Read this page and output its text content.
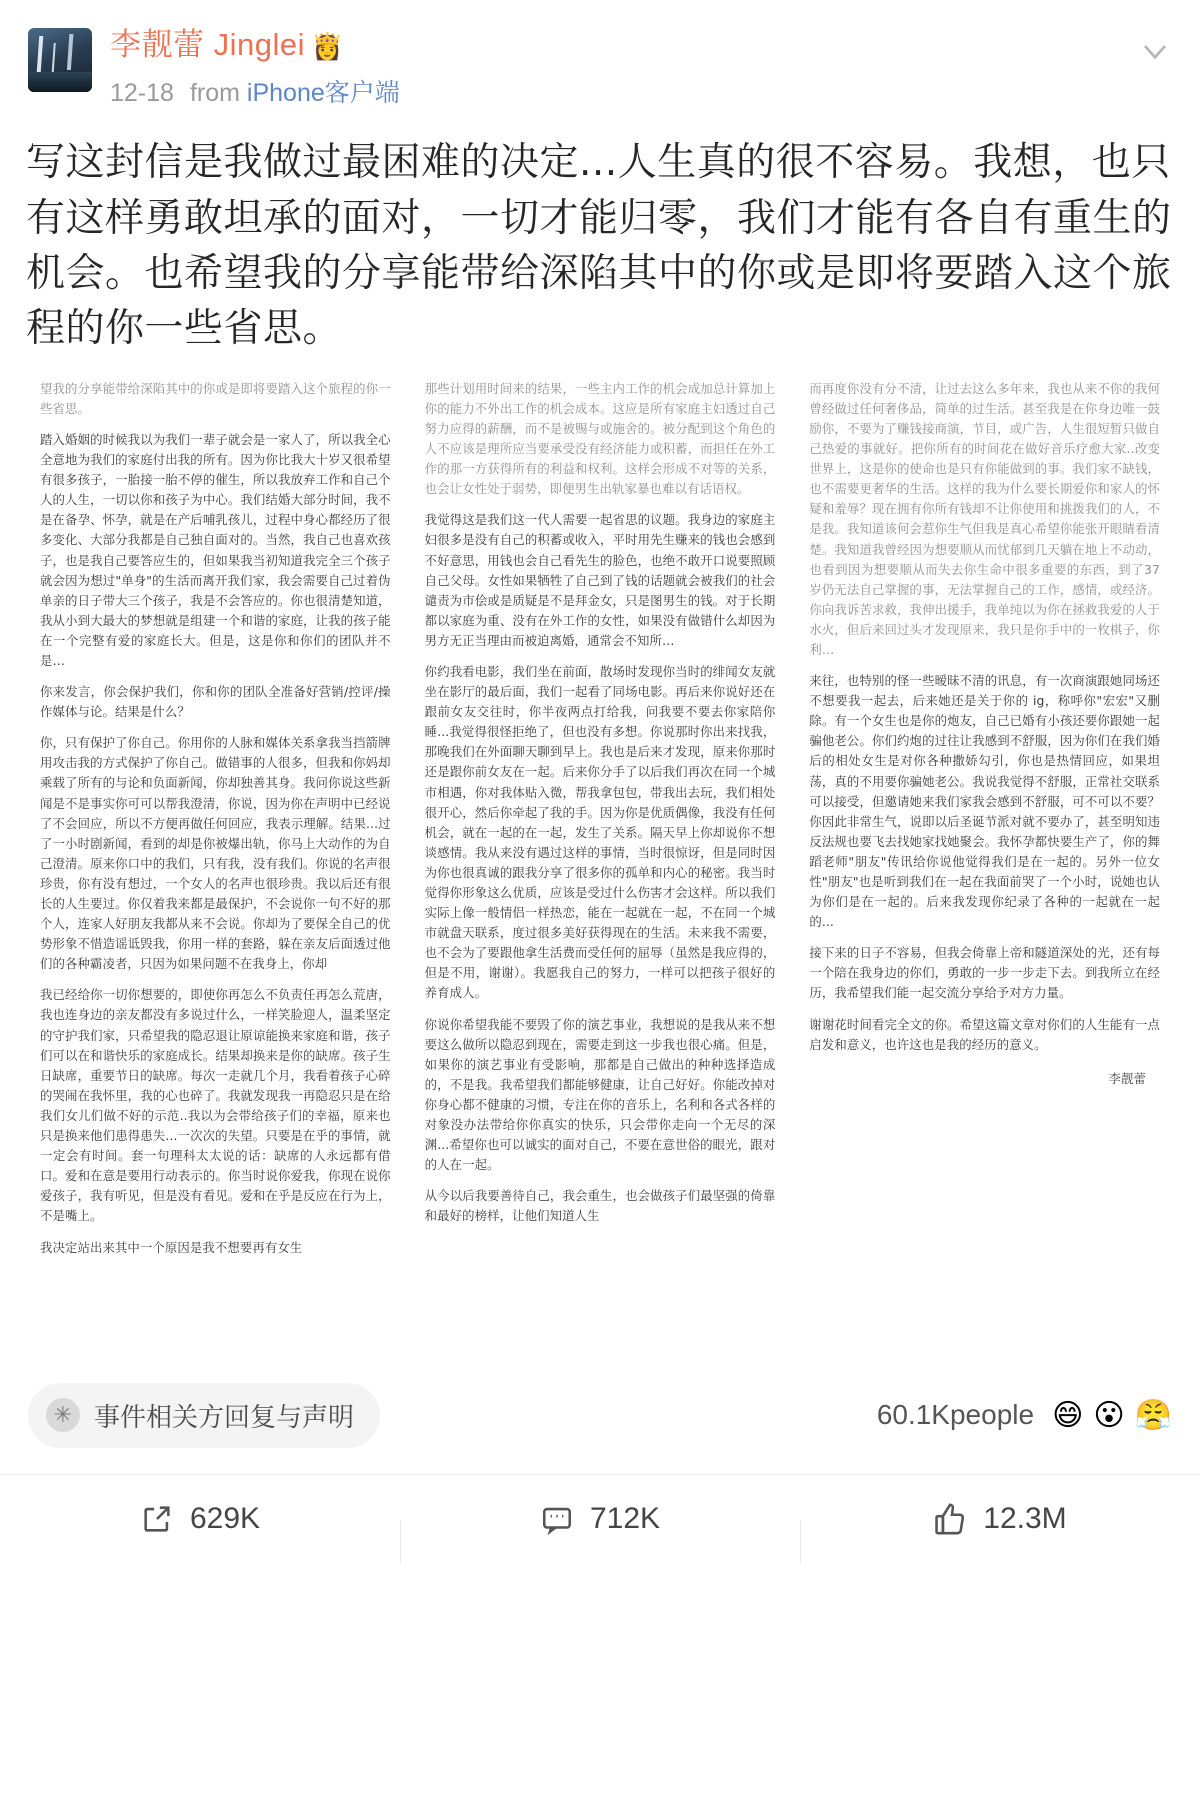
李靓蕾 Jinglei 👸
12-18 from iPhone客户端
写这封信是我做过最困难的决定...人生真的很不容易。我想，也只有这样勇敢坦承的面对，一切才能归零，我们才能有各自有重生的机会。也希望我的分享能带给深陷其中的你或是即将要踏入这个旅程的你一些省思。

望我的分享能带给深陷其中的你或是即将要踏入这个旅程的你一些省思。

踏入婚姻的时候我以为我们一辈子就会是一家人了，所以我全心全意地为我们的家庭付出我的所有。因为你比我大十岁又很希望有很多孩子，一胎接一胎不停的催生，所以我放弃工作和自己个人的人生，一切以你和孩子为中心。我们结婚大部分时间，我不是在备孕、怀孕，就是在产后哺乳孩儿，过程中身心都经历了很多变化、大部分我都是自己独自面对的。当然，我自己也喜欢孩子，也是我自己要答应生的，但如果我当初知道我完全三个孩子就会因为想过"单身"的生活而离开我们家，我会需要自己过着伪单亲的日子带大三个孩子，我是不会答应的。你也很清楚知道，我从小到大最大的梦想就是组建一个和谐的家庭，让我的孩子能在一个完整有爱的家庭长大。但是，这是你和你们的团队并不是…

你来发言，你会保护我们，你和你的团队全准备好营销/控评/操作媒体与论。结果是什么？

你，只有保护了你自己。你用你的人脉和媒体关系拿我当挡箭牌用攻击我的方式保护了你自己。做错事的人很多，但我和你妈却乘载了所有的与论和负面新闻，你却独善其身。我问你说这些新闻是不是事实你可可以帮我澄清，你说，因为你在声明中已经说了不会回应，所以不方便再做任何回应，我表示理解。结果...过了一小时剧新闻，看到的却是你被爆出轨，你马上大动作的为自己澄清。原来你口中的我们，只有我，没有我们。你说的名声很珍贵，你有没有想过，一个女人的名声也很珍贵。我以后还有很长的人生要过。你仅着我来都是最保护，不会说你一句不好的那个人，连家人好朋友我都从来不会说。你却为了要保全自己的优势形象不惜造谣诋毁我，你用一样的套路，躲在亲友后面透过他们的各种霸凌者，只因为如果问题不在我身上，你却

我已经给你一切你想要的，即使你再怎么不负责任再怎么荒唐，我也连身边的亲友都没有多说过什么，一样笑脸迎人，温柔坚定的守护我们家，只希望我的隐忍退让原谅能换来家庭和谐，孩子们可以在和谐快乐的家庭成长。结果却换来是你的缺席。孩子生日缺席，重要节日的缺席。每次一走就几个月，我看着孩子心碎的哭闹在我怀里，我的心也碎了。我就发现我一再隐忍只是在给我们女儿们做不好的示范..我以为会带给孩子们的幸福，原来也只是换来他们患得患失...一次次的失望。只要是在乎的事情，就一定会有时间。套一句理科太太说的话：缺席的人永远都有借口。爱和在意是要用行动表示的。你当时说你爱我，你现在说你爱孩子，我有听见，但是没有看见。爱和在乎是反应在行为上，不是嘴上。

我决定站出来其中一个原因是我不想要再有女生

那些计划用时间来的结果，一些主内工作的机会成加总计算加上你的能力不外出工作的机会成本。这应是所有家庭主妇透过自己努力应得的薪酬，而不是被赐与或施舍的。被分配到这个角色的人不应该是理所应当要承受没有经济能力或积蓄，而担任在外工作的那一方获得所有的利益和权利。这样会形成不对等的关系，也会让女性处于弱势，即便男生出轨家暴也难以有话语权。

我觉得这是我们这一代人需要一起省思的议题。我身边的家庭主妇很多是没有自己的积蓄或收入，平时用先生赚来的钱也会感到不好意思，用钱也会自己看先生的脸色，也绝不敢开口说要照顾自己父母。女性如果牺牲了自己到了钱的话题就会被我们的社会谴责为市侩或是质疑是不是拜金女，只是图男生的钱。对于长期都以家庭为重、没有在外工作的女性，如果没有做错什么却因为男方无正当理由而被迫离婚，通常会不知所…

你约我看电影，我们坐在前面，散场时发现你当时的绯闻女友就坐在影厅的最后面，我们一起看了同场电影。再后来你说好还在跟前女友交往时，你半夜两点打给我，问我要不要去你家陪你睡...我觉得很怪拒绝了，但也没有多想。你说那时你出来找我，那晚我们在外面聊天聊到早上。我也是后来才发现，原来你那时还是跟你前女友在一起。后来你分手了以后我们再次在同一个城市相遇，你对我体贴入微，帮我拿包包，带我出去玩，我们相处很开心，然后你牵起了我的手。因为你是优质偶像，我没有任何机会，就在一起的在一起，发生了关系。隔天早上你却说你不想谈感情。我从来没有遇过这样的事情，当时很惊讶，但是同时因为你也很真诚的跟我分享了很多你的孤单和内心的秘密。我当时觉得你形象这么优质，应该是受过什么伤害才会这样。所以我们实际上像一般情侣一样热恋，能在一起就在一起，不在同一个城市就盘天联系，度过很多美好获得现在的生活。未来我不需要，也不会为了要跟他拿生活费而受任何的屈辱（虽然是我应得的，但是不用，谢谢）。我愿我自己的努力，一样可以把孩子很好的养育成人。

你说你希望我能不要毁了你的演艺事业，我想说的是我从来不想要这么做所以隐忍到现在，需要走到这一步我也很心痛。但是，如果你的演艺事业有受影响，那都是自己做出的种种选择造成的，不是我。我希望我们都能够健康，让自己好好。你能改掉对你身心都不健康的习惯，专注在你的音乐上，名利和各式各样的对象没办法带给你你真实的快乐，只会带你走向一个无尽的深渊...希望你也可以诚实的面对自己，不要在意世俗的眼光，跟对的人在一起。

从今以后我要善待自己，我会重生，也会做孩子们最坚强的倚靠和最好的榜样，让他们知道人生

而再度你没有分不清，让过去这么多年来，我也从来不你的我何曾经做过任何奢侈品，简单的过生活。甚至我是在你身边唯一鼓励你，不要为了赚钱接商演，节目，或广告，人生很短暂只做自己热爱的事就好。把你所有的时间花在做好音乐疗愈大家..改变世界上，这是你的使命也是只有你能做到的事。我们家不缺钱，也不需要更奢华的生活。这样的我为什么要长期爱你和家人的怀疑和羞辱？现在拥有你所有钱却不让你使用和挑拨我们的人，不是我。我知道该何会惹你生气但我是真心希望你能张开眼睛看清楚。我知道我曾经因为想要顺从而忧郁到几天躺在地上不动动，也看到因为想要顺从而失去你生命中很多重要的东西，到了37岁仍无法自己掌握的事，无法掌握自己的工作，感情，或经济。你向我诉苦求救，我伸出援手，我单纯以为你在拯救我爱的人于水火，但后来回过头才发现原来，我只是你手中的一枚棋子，你利…

来往，也特别的怪一些暧昧不清的讯息，有一次商演跟她同场还不想要我一起去，后来她还是关于你的 ig，称呼你"宏宏"又删除。有一个女生也是你的炮友，自己已婚有小孩还要你跟她一起骗他老公。你们约炮的过往让我感到不舒服，因为你们在我们婚后的相处女生是对你各种撒娇勾引，你也是热情回应，如果坦荡，真的不用要你骗她老公。我说我觉得不舒服，正常社交联系可以接受，但邀请她来我们家我会感到不舒服，可不可以不要？你因此非常生气，说即以后圣诞节派对就不要办了，甚至明知违反法规也要飞去找她家找她聚会。我怀孕都快要生产了，你的舞蹈老师"朋友"传讯给你说他觉得我们是在一起的。另外一位女性"朋友"也是听到我们在一起在我面前哭了一个小时，说她也认为你们是在一起的。后来我发现你纪录了各种的一起就在一起的...

接下来的日子不容易，但我会倚靠上帝和隧道深处的光，还有每一个陪在我身边的你们，勇敢的一步一步走下去。到我所立在经历，我希望我们能一起交流分享给予对方力量。

谢谢花时间看完全文的你。希望这篇文章对你们的人生能有一点启发和意义，也许这也是我的经历的意义。

李靓蕾
✳ 事件相关方回复与声明	60.1Kpeople 😄 😮 😤
629K	712K	12.3M
